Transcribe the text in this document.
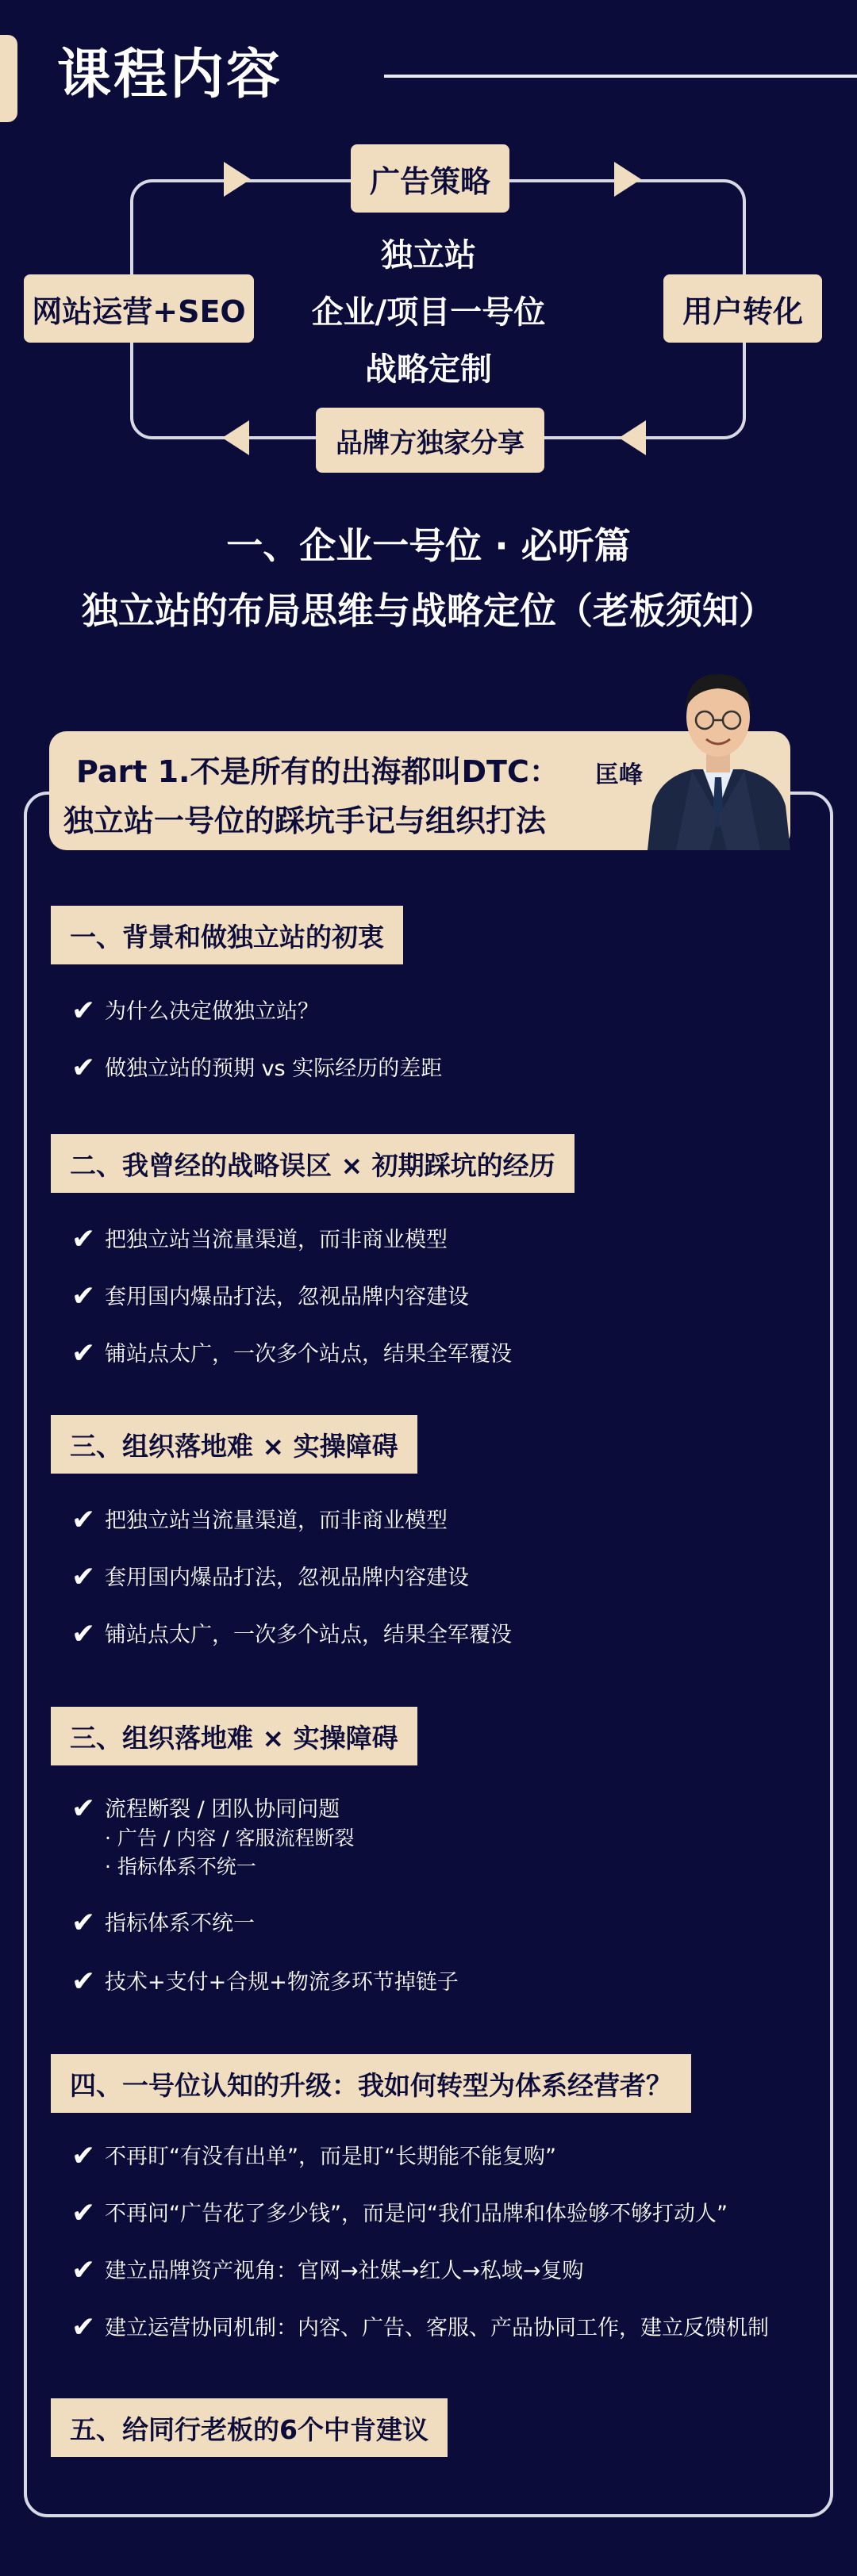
课程内容
广告策略
网站运营+SEO	用户转化
品牌方独家分享
独立站
企业/项目一号位
战略定制
一、企业一号位 · 必听篇
独立站的布局思维与战略定位（老板须知）
Part 1.不是所有的出海都叫DTC：
独立站一号位的踩坑手记与组织打法
匡峰
一、背景和做独立站的初衷
✔ 为什么决定做独立站？
✔ 做独立站的预期 vs 实际经历的差距
二、我曾经的战略误区 × 初期踩坑的经历
✔ 把独立站当流量渠道，而非商业模型
✔ 套用国内爆品打法，忽视品牌内容建设
✔ 铺站点太广，一次多个站点，结果全军覆没
三、组织落地难 × 实操障碍
✔ 把独立站当流量渠道，而非商业模型
✔ 套用国内爆品打法，忽视品牌内容建设
✔ 铺站点太广，一次多个站点，结果全军覆没
三、组织落地难 × 实操障碍
✔ 流程断裂 / 团队协同问题
· 广告 / 内容 / 客服流程断裂
· 指标体系不统一
✔ 指标体系不统一
✔ 技术+支付+合规+物流多环节掉链子
四、一号位认知的升级：我如何转型为体系经营者？
✔ 不再盯“有没有出单”，而是盯“长期能不能复购”
✔ 不再问“广告花了多少钱”，而是问“我们品牌和体验够不够打动人”
✔ 建立品牌资产视角：官网→社媒→红人→私域→复购
✔ 建立运营协同机制：内容、广告、客服、产品协同工作，建立反馈机制
五、给同行老板的6个中肯建议
